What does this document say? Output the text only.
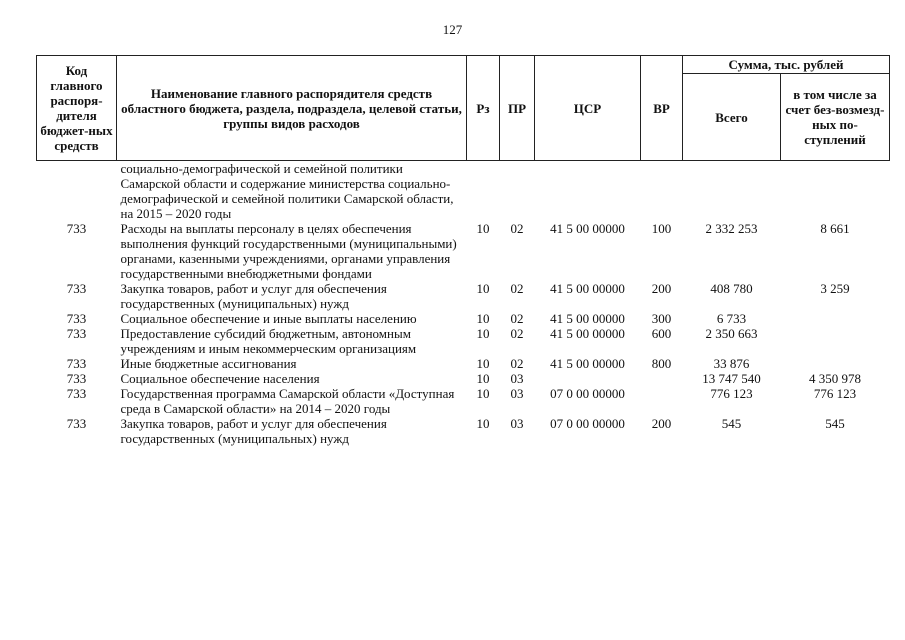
127
Код главного распоря-дителя бюджет-ных средств	Наименование главного распорядителя средств областного бюджета, раздела, подраздела, целевой статьи, группы видов расходов	Рз	ПР	ЦСР	ВР	Сумма, тыс. рублей	
						Всего	в том числе за счет без-возмезд-ных по-ступлений
	социально-демографической и семейной политики Самарской области и содержание министерства социально-демографической и семейной политики Самарской области, на 2015 – 2020 годы						
733	Расходы на выплаты персоналу в целях обеспечения выполнения функций государственными (муниципальными) органами, казенными учреждениями, органами управления государственными внебюджетными фондами	10	02	41 5 00 00000	100	2 332 253	8 661
733	Закупка товаров, работ и услуг для обеспечения государственных (муниципальных) нужд	10	02	41 5 00 00000	200	408 780	3 259
733	Социальное обеспечение и иные выплаты населению	10	02	41 5 00 00000	300	6 733	
733	Предоставление субсидий бюджетным, автономным учреждениям и иным некоммерческим организациям	10	02	41 5 00 00000	600	2 350 663	
733	Иные бюджетные ассигнования	10	02	41 5 00 00000	800	33 876	
733	Социальное обеспечение населения	10	03			13 747 540	4 350 978
733	Государственная программа Самарской области «Доступная среда в Самарской области» на 2014 – 2020 годы	10	03	07 0 00 00000		776 123	776 123
733	Закупка товаров, работ и услуг для обеспечения государственных (муниципальных) нужд	10	03	07 0 00 00000	200	545	545
